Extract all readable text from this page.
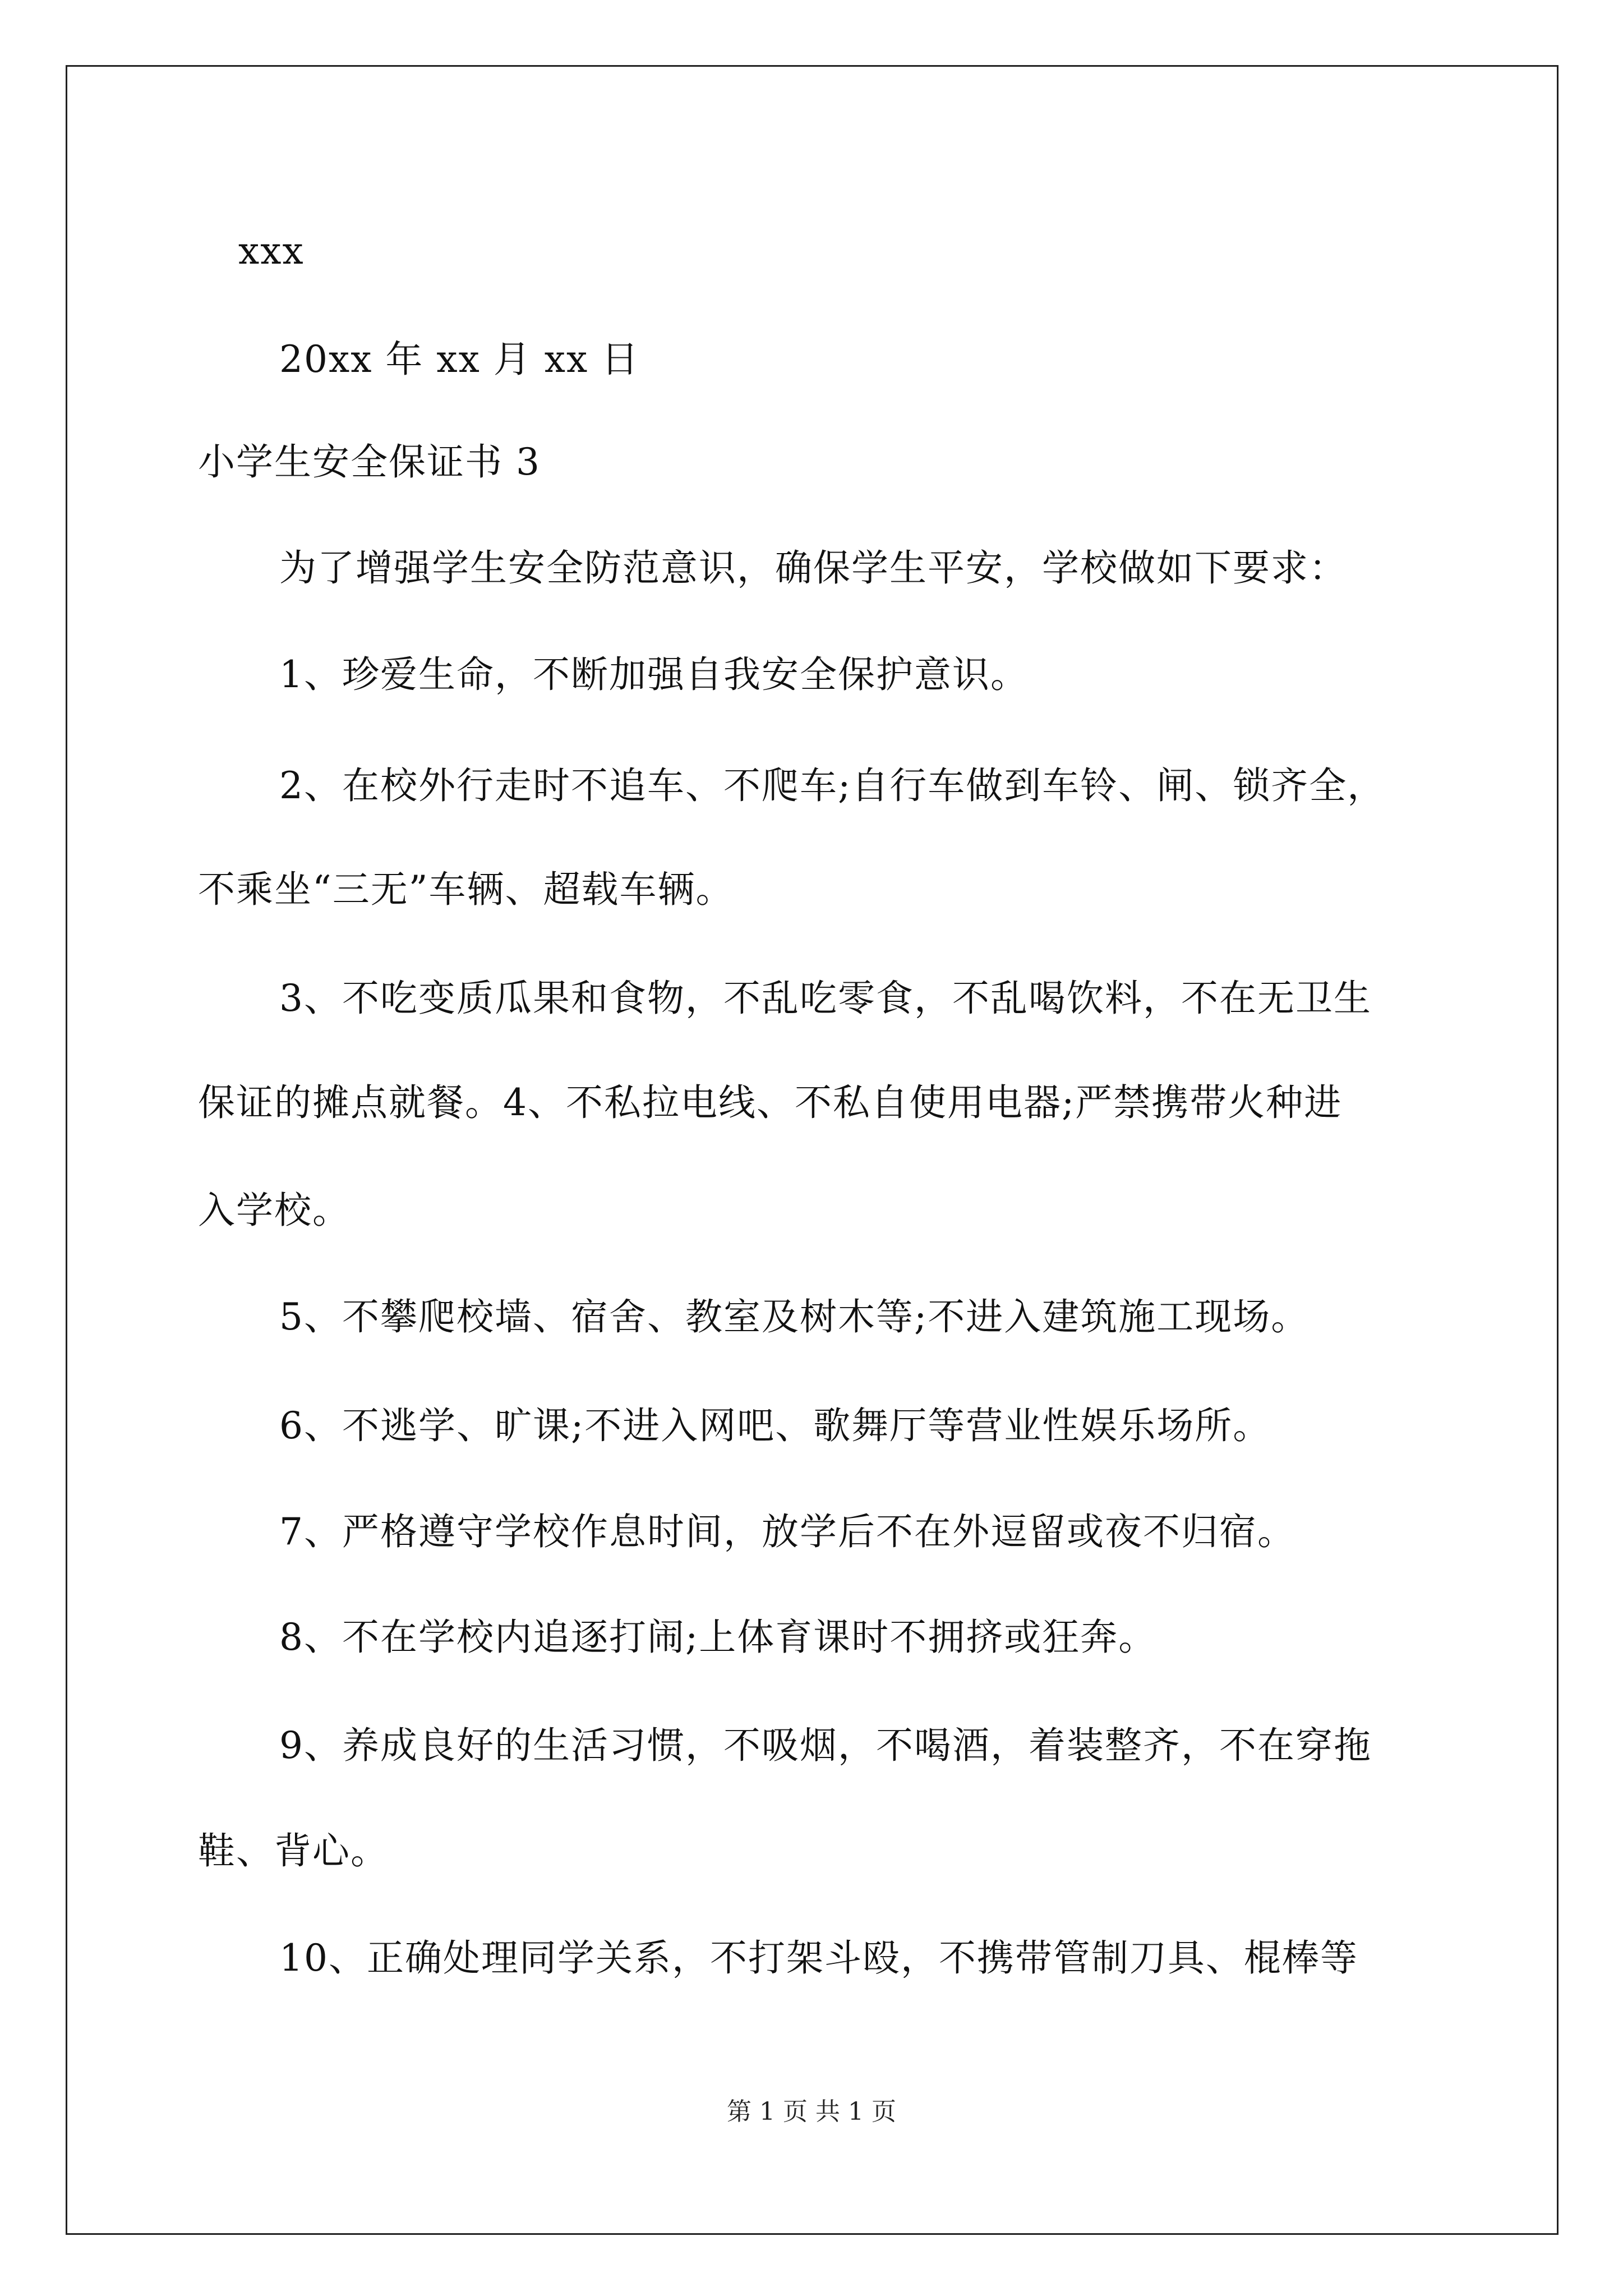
xxx
20xx 年 xx 月 xx 日
小学生安全保证书 3
为了增强学生安全防范意识，确保学生平安，学校做如下要求：
1、珍爱生命，不断加强自我安全保护意识。
2、在校外行走时不追车、不爬车;自行车做到车铃、闸、锁齐全，
不乘坐“三无”车辆、超载车辆。
3、不吃变质瓜果和食物，不乱吃零食，不乱喝饮料，不在无卫生
保证的摊点就餐。4、不私拉电线、不私自使用电器;严禁携带火种进
入学校。
5、不攀爬校墙、宿舍、教室及树木等;不进入建筑施工现场。
6、不逃学、旷课;不进入网吧、歌舞厅等营业性娱乐场所。
7、严格遵守学校作息时间，放学后不在外逗留或夜不归宿。
8、不在学校内追逐打闹;上体育课时不拥挤或狂奔。
9、养成良好的生活习惯，不吸烟，不喝酒，着装整齐，不在穿拖
鞋、背心。
10、正确处理同学关系，不打架斗殴，不携带管制刀具、棍棒等
第 1 页 共 1 页
